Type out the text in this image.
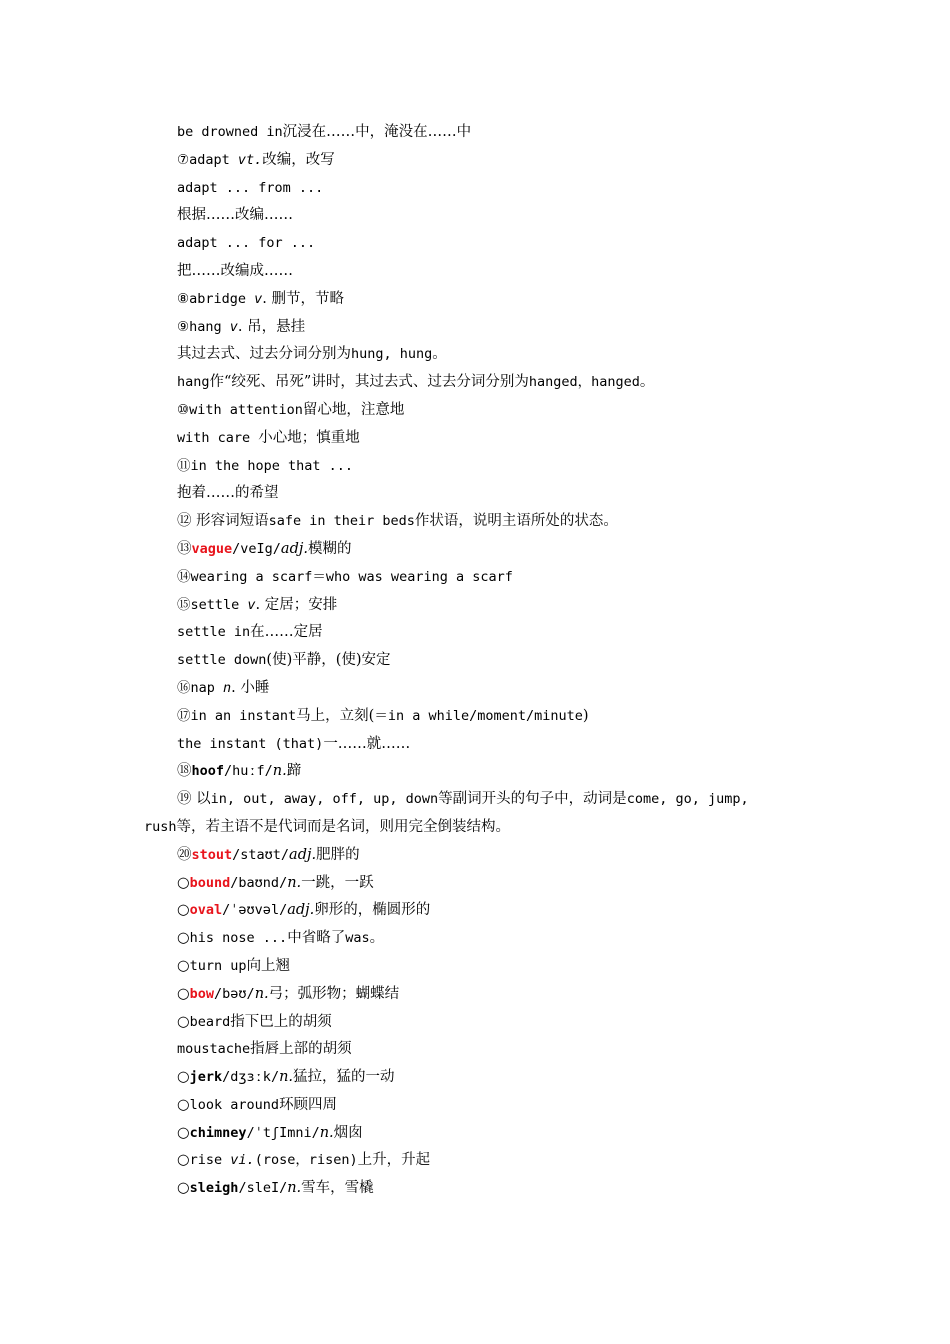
be drowned in沉浸在……中，淹没在……中
⑦adapt vt.改编，改写
adapt ... from ...
根据……改编……
adapt ... for ...
把……改编成……
⑧abridge v. 删节，节略
⑨hang v. 吊，悬挂
其过去式、过去分词分别为hung, hung。
hang作“绞死、吊死”讲时，其过去式、过去分词分别为hanged，hanged。
⑩with attention留心地，注意地
with care 小心地；慎重地
⑪in the hope that ...
抱着……的希望
⑫ 形容词短语safe in their beds作状语，说明主语所处的状态。
⑬vague/veIg/adj.模糊的
⑭wearing a scarf＝who was wearing a scarf
⑮settle v. 定居；安排
settle in在……定居
settle down(使)平静，(使)安定
⑯nap n. 小睡
⑰in an instant马上，立刻(＝in a while/moment/minute)
the instant (that)一……就……
⑱hoof/huːf/n.蹄
⑲ 以in, out, away, off, up, down等副词开头的句子中，动词是come, go, jump,
rush等，若主语不是代词而是名词，则用完全倒装结构。
⑳stout/staʊt/adj.肥胖的
○bound/baʊnd/n.一跳，一跃
○oval/ˈəʊvəl/adj.卵形的，椭圆形的
○his nose ...中省略了was。
○turn up向上翘
○bow/bəʊ/n.弓；弧形物；蝴蝶结
○beard指下巴上的胡须
moustache指唇上部的胡须
○jerk/dʒɜːk/n.猛拉，猛的一动
○look around环顾四周
○chimney/ˈtʃImni/n.烟囱
○rise vi.(rose，risen)上升，升起
○sleigh/sleI/n.雪车，雪橇
